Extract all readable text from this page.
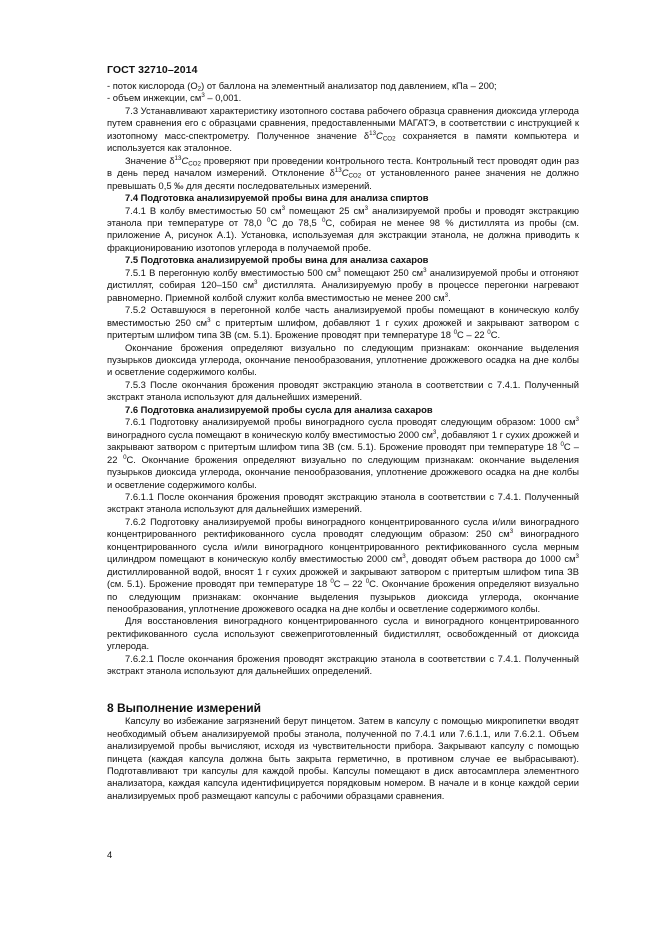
ГОСТ 32710–2014

- поток кислорода $(О_2)$ от баллона на элементный анализатор под давлением, кПа – 200;

- объем инжекции, $см^3 - 0,001$.

7.3 Устанавливают характеристику изотопного состава рабочего образца сравнения диоксида углерода путем сравнения его с образцами сравнения, предоставленными МАГАТЭ, в соответствии с инструкцией к изотопному масс-спектрометру. Полученное значение $\delta^{13}C_{CO2}$ сохраняется в памяти компьютера и используется как эталонное.

Значение $\delta^{13}C_{CO2}$ проверяют при проведении контрольного теста. Контрольный тест проводят один раз в день перед началом измерений. Отклонение $\delta^{13}C_{CO2}$ от установленного ранее значения не должно превышать 0,5 ‰ для десяти последовательных измерений.

7.4 Подготовка анализируемой пробы вина для анализа спиртов

7.4.1 В колбу вместимостью 50 $см^3$ помещают 25 $см^3$ анализируемой пробы и проводят экстракцию этанола при температуре от 78,0 $^0$С до 78,5 $^0$С, собирая не менее 98 % дистиллята из пробы (см. приложение А, рисунок А.1). Установка, используемая для экстракции этанола, не должна приводить к фракционированию изотопов углерода в получаемой пробе.

7.5 Подготовка анализируемой пробы вина для анализа сахаров

7.5.1 В перегонную колбу вместимостью 500 $см^3$ помещают 250 $см^3$ анализируемой пробы и отгоняют дистиллят, собирая 120–150 $см^3$ дистиллята. Анализируемую пробу в процессе перегонки нагревают равномерно. Приемной колбой служит колба вместимостью не менее 200 $см^3$.

7.5.2 Оставшуюся в перегонной колбе часть анализируемой пробы помещают в коническую колбу вместимостью 250 $см^3$ с притертым шлифом, добавляют 1 г сухих дрожжей и закрывают затвором с притертым шлифом типа ЗВ (см. 5.1). Брожение проводят при температуре 18 $^0$С – 22 $^0$С.

Окончание брожения определяют визуально по следующим признакам: окончание выделения пузырьков диоксида углерода, окончание пенообразования, уплотнение дрожжевого осадка на дне колбы и осветление содержимого колбы.

7.5.3 После окончания брожения проводят экстракцию этанола в соответствии с 7.4.1. Полученный экстракт этанола используют для дальнейших измерений.

7.6 Подготовка анализируемой пробы сусла для анализа сахаров

7.6.1 Подготовку анализируемой пробы виноградного сусла проводят следующим образом: 1000 $см^3$ виноградного сусла помещают в коническую колбу вместимостью 2000 $см^3$, добавляют 1 г сухих дрожжей и закрывают затвором с притертым шлифом типа ЗВ (см. 5.1). Брожение проводят при температуре 18 $^0$С – 22 $^0$С. Окончание брожения определяют визуально по следующим признакам: окончание выделения пузырьков диоксида углерода, окончание пенообразования, уплотнение дрожжевого осадка на дне колбы и осветление содержимого колбы.

7.6.1.1 После окончания брожения проводят экстракцию этанола в соответствии с 7.4.1. Полученный экстракт этанола используют для дальнейших измерений.

7.6.2 Подготовку анализируемой пробы виноградного концентрированного сусла и/или виноградного концентрированного ректификованного сусла проводят следующим образом: 250 $см^3$ виноградного концентрированного сусла и/или виноградного концентрированного ректификованного сусла мерным цилиндром помещают в коническую колбу вместимостью 2000 $см^3$, доводят объем раствора до 1000 $см^3$ дистиллированной водой, вносят 1 г сухих дрожжей и закрывают затвором с притертым шлифом типа ЗВ (см. 5.1). Брожение проводят при температуре 18 $^0$С – 22 $^0$С. Окончание брожения определяют визуально по следующим признакам: окончание выделения пузырьков диоксида углерода, окончание пенообразования, уплотнение дрожжевого осадка на дне колбы и осветление содержимого колбы.

Для восстановления виноградного концентрированного сусла и виноградного концентрированного ректификованного сусла используют свежеприготовленный бидистиллят, освобожденный от диоксида углерода.

7.6.2.1 После окончания брожения проводят экстракцию этанола в соответствии с 7.4.1. Полученный экстракт этанола используют для дальнейших определений.

8 Выполнение измерений

Капсулу во избежание загрязнений берут пинцетом. Затем в капсулу с помощью микропипетки вводят необходимый объем анализируемой пробы этанола, полученной по 7.4.1 или 7.6.1.1, или 7.6.2.1. Объем анализируемой пробы вычисляют, исходя из чувствительности прибора. Закрывают капсулу с помощью пинцета (каждая капсула должна быть закрыта герметично, в противном случае ее выбрасывают). Подготавливают три капсулы для каждой пробы. Капсулы помещают в диск автосамплера элементного анализатора, каждая капсула идентифицируется порядковым номером. В начале и в конце каждой серии анализируемых проб размещают капсулы с рабочими образцами сравнения.

4
